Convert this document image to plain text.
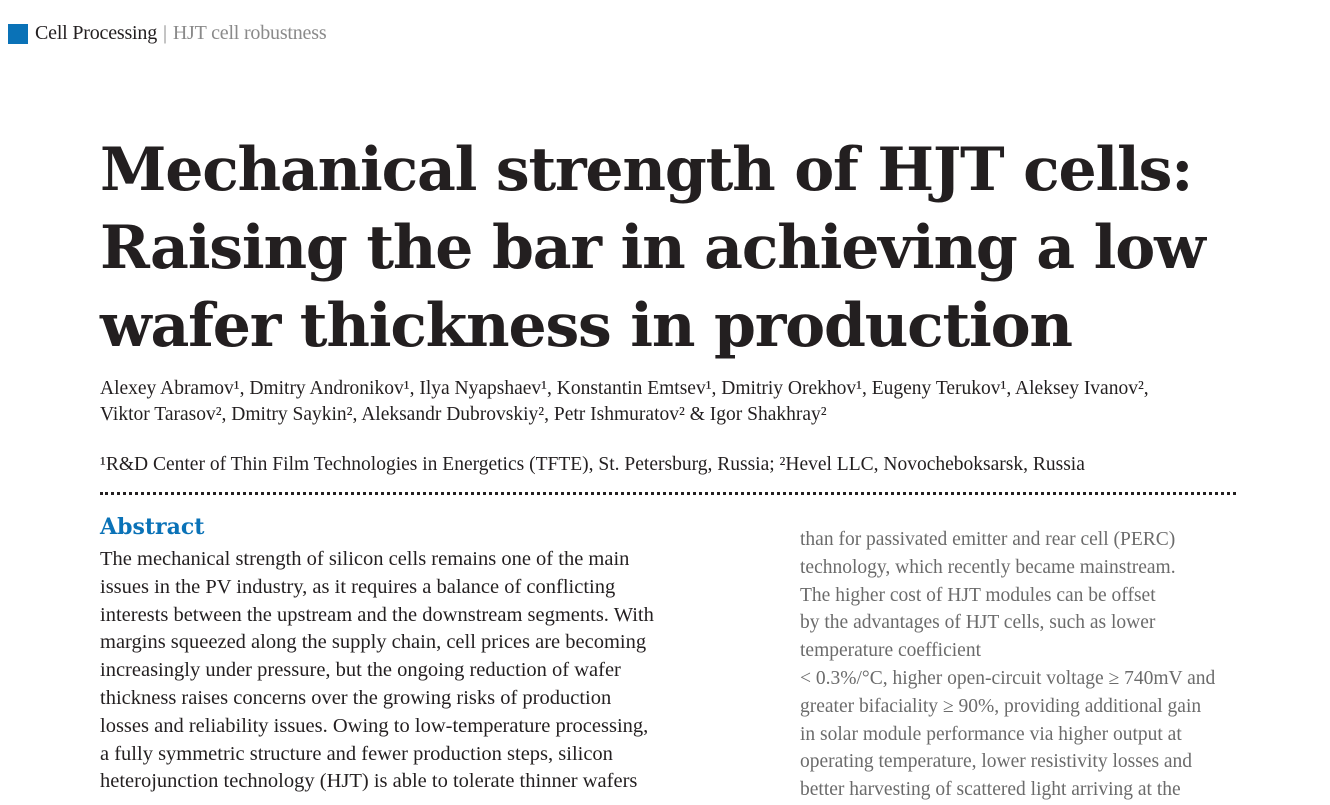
Cell Processing | HJT cell robustness
Mechanical strength of HJT cells:
Raising the bar in achieving a low
wafer thickness in production
Alexey Abramov¹, Dmitry Andronikov¹, Ilya Nyapshaev¹, Konstantin Emtsev¹, Dmitriy Orekhov¹, Eugeny Terukov¹, Aleksey Ivanov²,
Viktor Tarasov², Dmitry Saykin², Aleksandr Dubrovskiy², Petr Ishmuratov² & Igor Shakhray²
¹R&D Center of Thin Film Technologies in Energetics (TFTE), St. Petersburg, Russia; ²Hevel LLC, Novocheboksarsk, Russia
Abstract
The mechanical strength of silicon cells remains one of the main
issues in the PV industry, as it requires a balance of conflicting
interests between the upstream and the downstream segments. With
margins squeezed along the supply chain, cell prices are becoming
increasingly under pressure, but the ongoing reduction of wafer
thickness raises concerns over the growing risks of production
losses and reliability issues. Owing to low-temperature processing,
a fully symmetric structure and fewer production steps, silicon
heterojunction technology (HJT) is able to tolerate thinner wafers
than for passivated emitter and rear cell (PERC)
technology, which recently became mainstream.
The higher cost of HJT modules can be offset
by the advantages of HJT cells, such as lower
temperature coefficient
< 0.3%/°C, higher open-circuit voltage ≥ 740mV and
greater bifaciality ≥ 90%, providing additional gain
in solar module performance via higher output at
operating temperature, lower resistivity losses and
better harvesting of scattered light arriving at the
